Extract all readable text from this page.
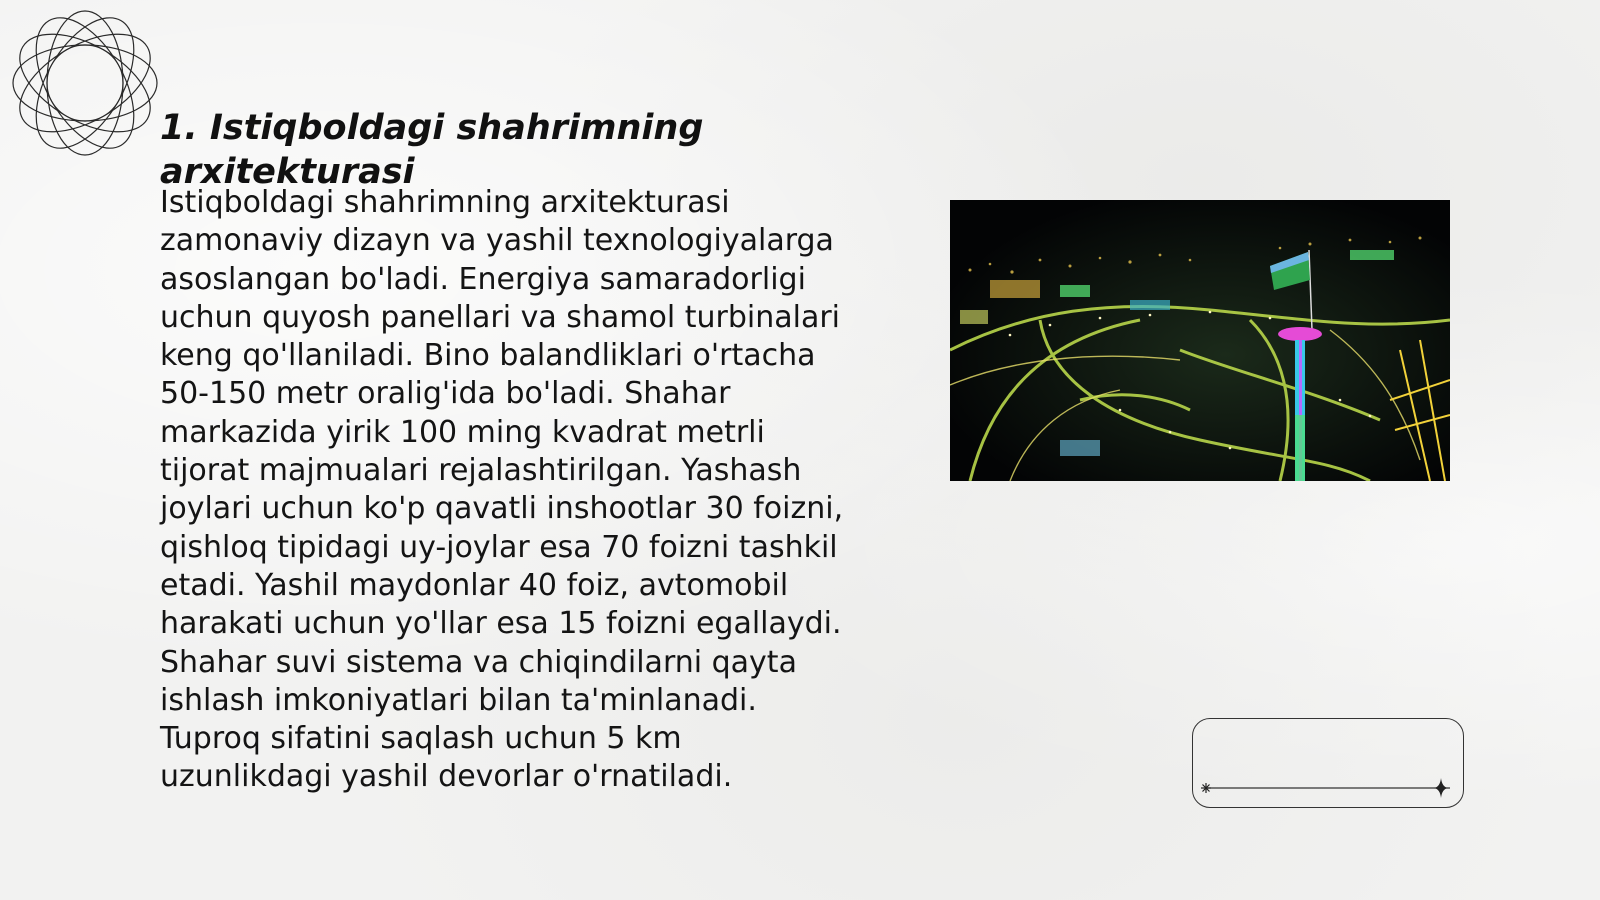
1. Istiqboldagi shahrimning arxitekturasi

Istiqboldagi shahrimning arxitekturasi zamonaviy dizayn va yashil texnologiyalarga asoslangan bo'ladi. Energiya samaradorligi uchun quyosh panellari va shamol turbinalari keng qo'llaniladi. Bino balandliklari o'rtacha 50-150 metr oralig'ida bo'ladi. Shahar markazida yirik 100 ming kvadrat metrli tijorat majmualari rejalashtirilgan. Yashash joylari uchun ko'p qavatli inshootlar 30 foizni, qishloq tipidagi uy-joylar esa 70 foizni tashkil etadi. Yashil maydonlar 40 foiz, avtomobil harakati uchun yo'llar esa 15 foizni egallaydi. Shahar suvi sistema va chiqindilarni qayta ishlash imkoniyatlari bilan ta'minlanadi. Tuproq sifatini saqlash uchun 5 km uzunlikdagi yashil devorlar o'rnatiladi.
